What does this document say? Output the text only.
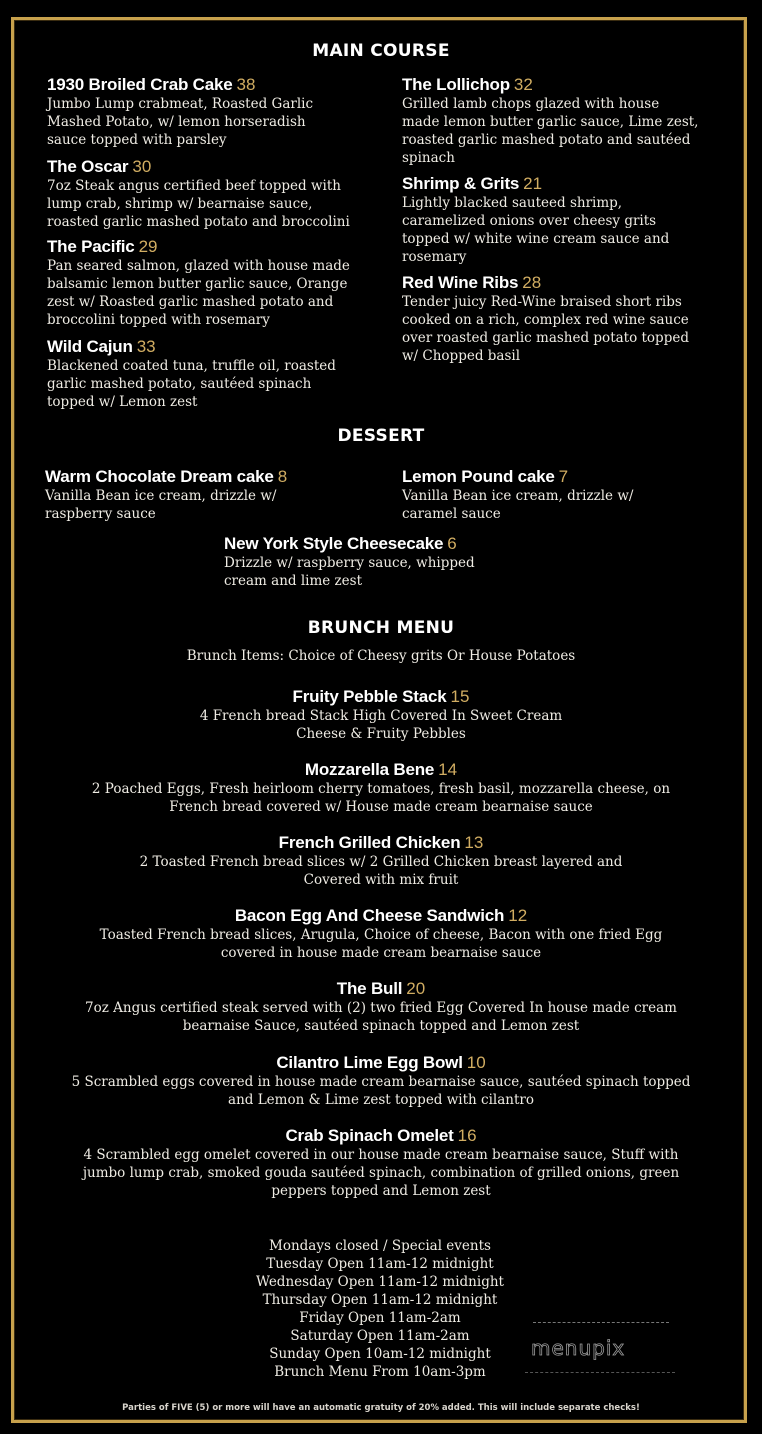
MAIN COURSE
1930 Broiled Crab Cake 38
Jumbo Lump crabmeat, Roasted Garlic
Mashed Potato, w/ lemon horseradish
sauce topped with parsley
The Oscar 30
7oz Steak angus certified beef topped with
lump crab, shrimp w/ bearnaise sauce,
roasted garlic mashed potato and broccolini
The Pacific 29
Pan seared salmon, glazed with house made
balsamic lemon butter garlic sauce, Orange
zest w/ Roasted garlic mashed potato and
broccolini topped with rosemary
Wild Cajun 33
Blackened coated tuna, truffle oil, roasted
garlic mashed potato, sautéed spinach
topped w/ Lemon zest
The Lollichop 32
Grilled lamb chops glazed with house
made lemon butter garlic sauce, Lime zest,
roasted garlic mashed potato and sautéed
spinach
Shrimp & Grits 21
Lightly blacked sauteed shrimp,
caramelized onions over cheesy grits
topped w/ white wine cream sauce and
rosemary
Red Wine Ribs 28
Tender juicy Red-Wine braised short ribs
cooked on a rich, complex red wine sauce
over roasted garlic mashed potato topped
w/ Chopped basil
DESSERT
Warm Chocolate Dream cake 8
Vanilla Bean ice cream, drizzle w/
raspberry sauce
Lemon Pound cake 7
Vanilla Bean ice cream, drizzle w/
caramel sauce
New York Style Cheesecake 6
Drizzle w/ raspberry sauce, whipped
cream and lime zest
BRUNCH MENU
Brunch Items: Choice of Cheesy grits Or House Potatoes
Fruity Pebble Stack 15
4 French bread Stack High Covered In Sweet Cream
Cheese & Fruity Pebbles
Mozzarella Bene 14
2 Poached Eggs, Fresh heirloom cherry tomatoes, fresh basil, mozzarella cheese, on
French bread covered w/ House made cream bearnaise sauce
French Grilled Chicken 13
2 Toasted French bread slices w/ 2 Grilled Chicken breast layered and
Covered with mix fruit
Bacon Egg And Cheese Sandwich 12
Toasted French bread slices, Arugula, Choice of cheese, Bacon with one fried Egg
covered in house made cream bearnaise sauce
The Bull 20
7oz Angus certified steak served with (2) two fried Egg Covered In house made cream
bearnaise Sauce, sautéed spinach topped and Lemon zest
Cilantro Lime Egg Bowl 10
5 Scrambled eggs covered in house made cream bearnaise sauce, sautéed spinach topped
and Lemon & Lime zest topped with cilantro
Crab Spinach Omelet 16
4 Scrambled egg omelet covered in our house made cream bearnaise sauce, Stuff with
jumbo lump crab, smoked gouda sautéed spinach, combination of grilled onions, green
peppers topped and Lemon zest
Mondays closed / Special events
Tuesday Open 11am-12 midnight
Wednesday Open 11am-12 midnight
Thursday Open 11am-12 midnight
Friday Open 11am-2am
Saturday Open 11am-2am
Sunday Open 10am-12 midnight
Brunch Menu From 10am-3pm
menupix
Parties of FIVE (5) or more will have an automatic gratuity of 20% added. This will include separate checks!
